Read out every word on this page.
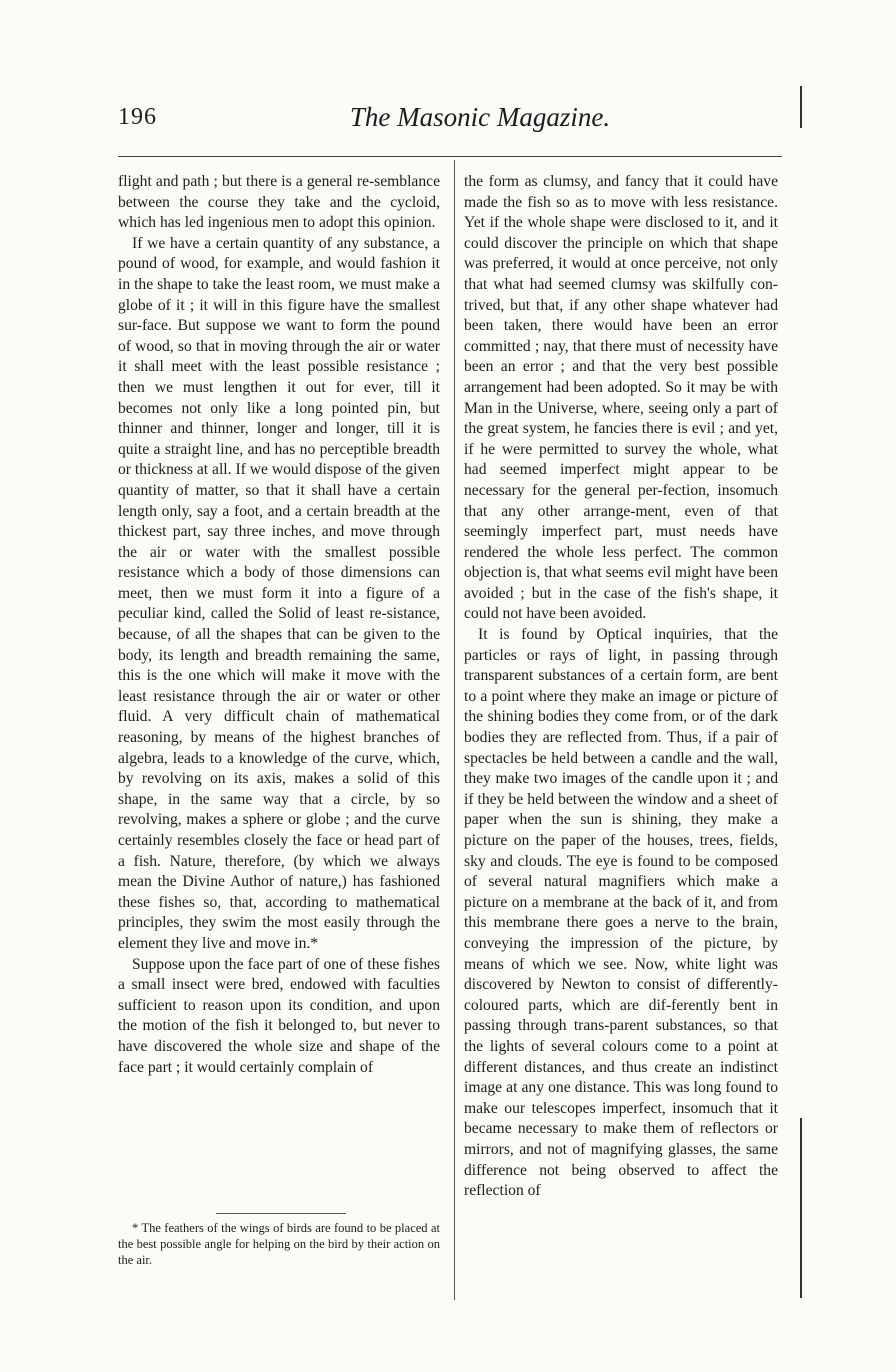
196	The Masonic Magazine.

flight and path ; but there is a general re-semblance between the course they take and the cycloid, which has led ingenious men to adopt this opinion.

If we have a certain quantity of any substance, a pound of wood, for example, and would fashion it in the shape to take the least room, we must make a globe of it ; it will in this figure have the smallest sur-face. But suppose we want to form the pound of wood, so that in moving through the air or water it shall meet with the least possible resistance ; then we must lengthen it out for ever, till it becomes not only like a long pointed pin, but thinner and thinner, longer and longer, till it is quite a straight line, and has no perceptible breadth or thickness at all. If we would dispose of the given quantity of matter, so that it shall have a certain length only, say a foot, and a certain breadth at the thickest part, say three inches, and move through the air or water with the smallest possible resistance which a body of those dimensions can meet, then we must form it into a figure of a peculiar kind, called the Solid of least re-sistance, because, of all the shapes that can be given to the body, its length and breadth remaining the same, this is the one which will make it move with the least resistance through the air or water or other fluid. A very difficult chain of mathematical reasoning, by means of the highest branches of algebra, leads to a knowledge of the curve, which, by revolving on its axis, makes a solid of this shape, in the same way that a circle, by so revolving, makes a sphere or globe ; and the curve certainly resembles closely the face or head part of a fish. Nature, therefore, (by which we always mean the Divine Author of nature,) has fashioned these fishes so, that, according to mathematical principles, they swim the most easily through the element they live and move in.*

Suppose upon the face part of one of these fishes a small insect were bred, endowed with faculties sufficient to reason upon its condition, and upon the motion of the fish it belonged to, but never to have discovered the whole size and shape of the face part ; it would certainly complain of

the form as clumsy, and fancy that it could have made the fish so as to move with less resistance. Yet if the whole shape were disclosed to it, and it could discover the principle on which that shape was preferred, it would at once perceive, not only that what had seemed clumsy was skilfully con-trived, but that, if any other shape whatever had been taken, there would have been an error committed ; nay, that there must of necessity have been an error ; and that the very best possible arrangement had been adopted. So it may be with Man in the Universe, where, seeing only a part of the great system, he fancies there is evil ; and yet, if he were permitted to survey the whole, what had seemed imperfect might appear to be necessary for the general per-fection, insomuch that any other arrange-ment, even of that seemingly imperfect part, must needs have rendered the whole less perfect. The common objection is, that what seems evil might have been avoided ; but in the case of the fish's shape, it could not have been avoided.

It is found by Optical inquiries, that the particles or rays of light, in passing through transparent substances of a certain form, are bent to a point where they make an image or picture of the shining bodies they come from, or of the dark bodies they are reflected from. Thus, if a pair of spectacles be held between a candle and the wall, they make two images of the candle upon it ; and if they be held between the window and a sheet of paper when the sun is shining, they make a picture on the paper of the houses, trees, fields, sky and clouds. The eye is found to be composed of several natural magnifiers which make a picture on a membrane at the back of it, and from this membrane there goes a nerve to the brain, conveying the impression of the picture, by means of which we see. Now, white light was discovered by Newton to consist of differently-coloured parts, which are dif-ferently bent in passing through trans-parent substances, so that the lights of several colours come to a point at different distances, and thus create an indistinct image at any one distance. This was long found to make our telescopes imperfect, insomuch that it became necessary to make them of reflectors or mirrors, and not of magnifying glasses, the same difference not being observed to affect the reflection of

* The feathers of the wings of birds are found to be placed at the best possible angle for helping on the bird by their action on the air.
